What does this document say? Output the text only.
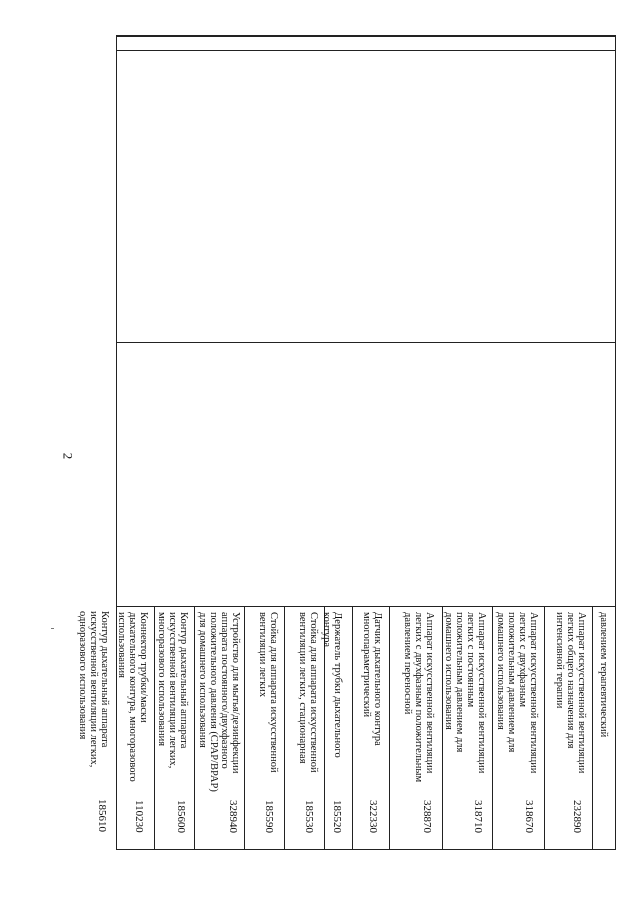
2
давлением терапевтический
Аппарат искусственной вентиляции легких общего назначения для интенсивной терапии
232890
Аппарат искусственной вентиляции легких с двухфазным положительным давлением для домашнего использования
318670
Аппарат искусственной вентиляции легких с постоянным положительным давлением для домашнего использования
318710
Аппарат искусственной вентиляции легких с двухфазным положительным давлением переносной
328870
Датчик дыхательного контура многопараметрический
322330
Держатель трубки дыхательного контура
185520
Стойка для аппарата искусственной вентиляции легких, стационарная
185530
Стойка для аппарата искусственной вентиляции легких
185590
Устройство для мытья/дезинфекции аппарата постоянного/двухфазного положительного давления (CPAP/BPAP) для домашнего использования
328940
Контур дыхательный аппарата искусственной вентиляции легких, многоразового использования
185600
Коннектор трубки/маски дыхательного контура, многоразового использования
110230
Контур дыхательный аппарата искусственной вентиляции легких, одноразового использования
185610
